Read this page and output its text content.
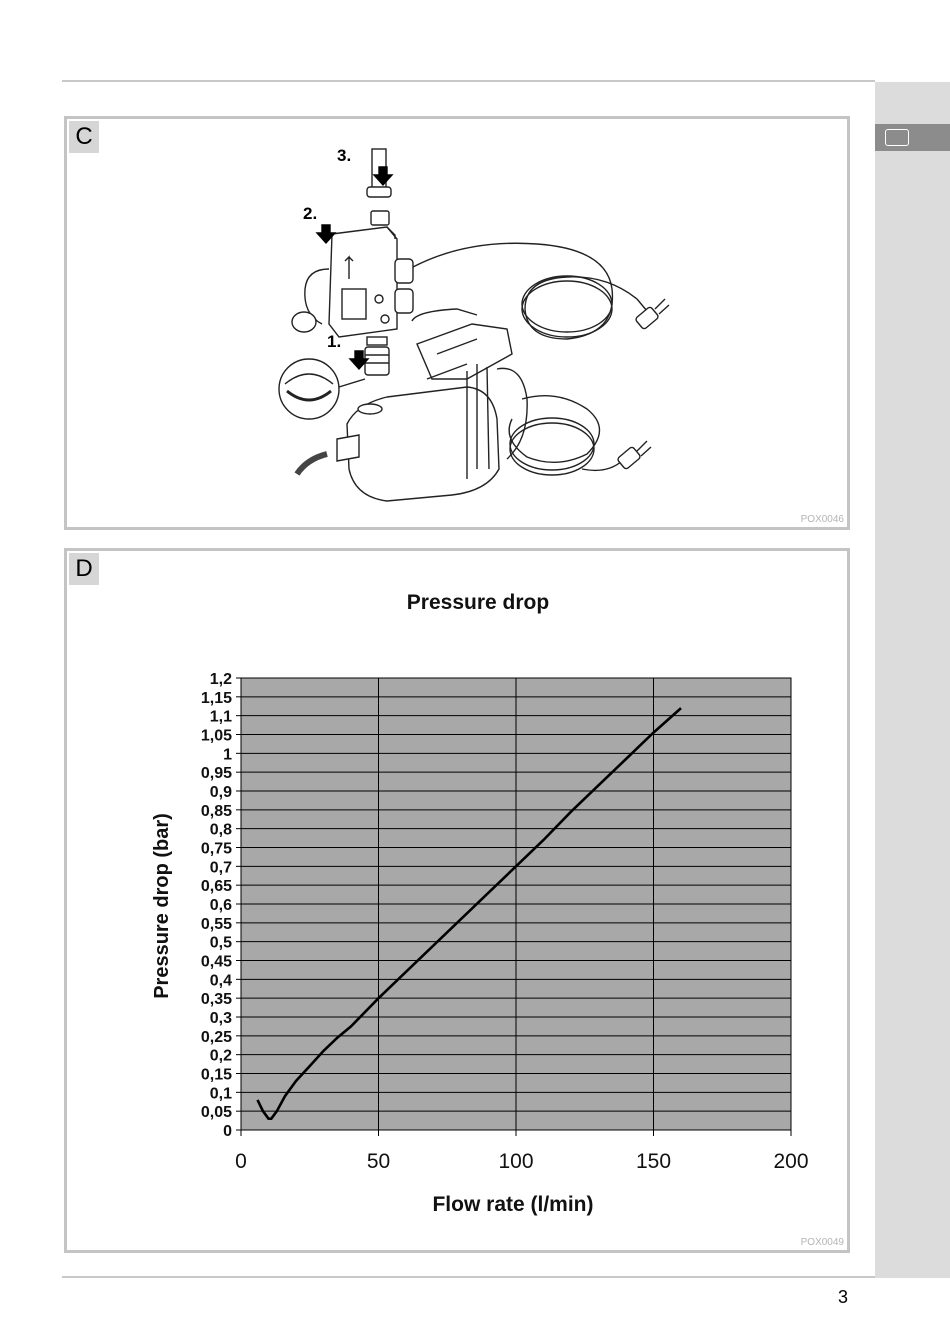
C
3.
2.
1.
POX0046
D
Pressure drop
0
0,05
0,1
0,15
0,2
0,25
0,3
0,35
0,4
0,45
0,5
0,55
0,6
0,65
0,7
0,75
0,8
0,85
0,9
0,95
1
1,05
1,1
1,15
1,2
0	50	100	150	200
Flow rate (l/min)
Pressure drop (bar)
POX0049
3
